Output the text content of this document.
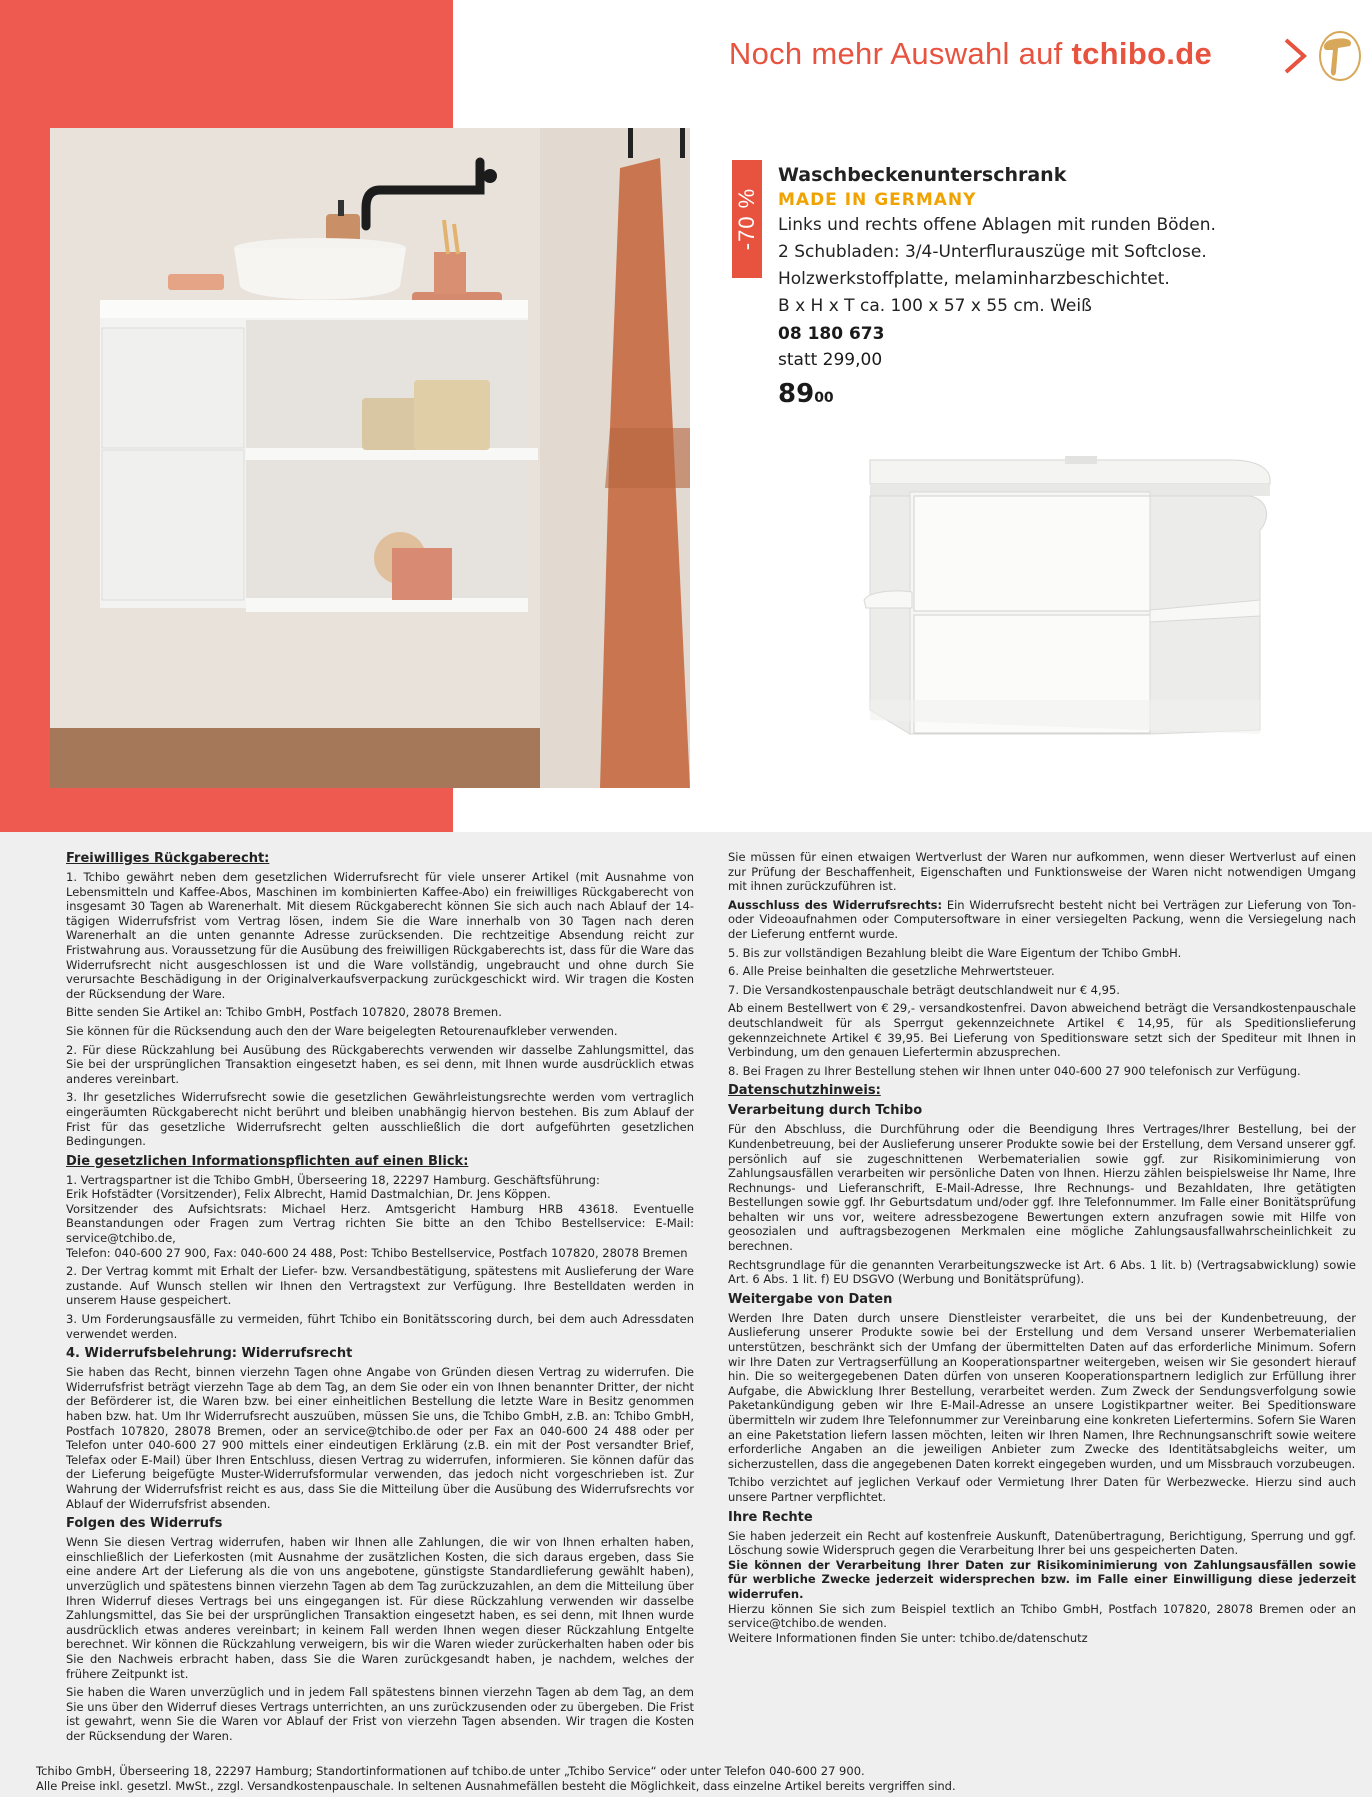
Noch mehr Auswahl auf tchibo.de
-70 %
Waschbeckenunterschrank
MADE IN GERMANY
Links und rechts offene Ablagen mit runden Böden.
2 Schubladen: 3/4-Unterflurauszüge mit Softclose.
Holzwerkstoffplatte, melaminharzbeschichtet.
B x H x T ca. 100 x 57 x 55 cm. Weiß
08 180 673
statt 299,00
$89^{00}$
Freiwilliges Rückgaberecht:

1. Tchibo gewährt neben dem gesetzlichen Widerrufsrecht für viele unserer Artikel (mit Ausnahme von Lebensmitteln und Kaffee-Abos, Maschinen im kombinierten Kaffee-Abo) ein freiwilliges Rückgaberecht von insgesamt 30 Tagen ab Warenerhalt. Mit diesem Rückgaberecht können Sie sich auch nach Ablauf der 14-tägigen Widerrufsfrist vom Vertrag lösen, indem Sie die Ware innerhalb von 30 Tagen nach deren Warenerhalt an die unten genannte Adresse zurücksenden. Die rechtzeitige Absendung reicht zur Fristwahrung aus. Voraussetzung für die Ausübung des freiwilligen Rückgaberechts ist, dass für die Ware das Widerrufsrecht nicht ausgeschlossen ist und die Ware vollständig, ungebraucht und ohne durch Sie verursachte Beschädigung in der Originalverkaufsverpackung zurückgeschickt wird. Wir tragen die Kosten der Rücksendung der Ware.

Bitte senden Sie Artikel an: Tchibo GmbH, Postfach 107820, 28078 Bremen.

Sie können für die Rücksendung auch den der Ware beigelegten Retourenaufkleber verwenden.

2. Für diese Rückzahlung bei Ausübung des Rückgaberechts verwenden wir dasselbe Zahlungsmittel, das Sie bei der ursprünglichen Transaktion eingesetzt haben, es sei denn, mit Ihnen wurde ausdrücklich etwas anderes vereinbart.

3. Ihr gesetzliches Widerrufsrecht sowie die gesetzlichen Gewährleistungsrechte werden vom vertraglich eingeräumten Rückgaberecht nicht berührt und bleiben unabhängig hiervon bestehen. Bis zum Ablauf der Frist für das gesetzliche Widerrufsrecht gelten ausschließlich die dort aufgeführten gesetzlichen Bedingungen.

Die gesetzlichen Informationspflichten auf einen Blick:

1. Vertragspartner ist die Tchibo GmbH, Überseering 18, 22297 Hamburg. Geschäftsführung:

Erik Hofstädter (Vorsitzender), Felix Albrecht, Hamid Dastmalchian, Dr. Jens Köppen.

Vorsitzender des Aufsichtsrats: Michael Herz. Amtsgericht Hamburg HRB 43618. Eventuelle Beanstandungen oder Fragen zum Vertrag richten Sie bitte an den Tchibo Bestellservice: E-Mail: service@tchibo.de,

Telefon: 040-600 27 900, Fax: 040-600 24 488, Post: Tchibo Bestellservice, Postfach 107820, 28078 Bremen

2. Der Vertrag kommt mit Erhalt der Liefer- bzw. Versandbestätigung, spätestens mit Auslieferung der Ware zustande. Auf Wunsch stellen wir Ihnen den Vertragstext zur Verfügung. Ihre Bestelldaten werden in unserem Hause gespeichert.

3. Um Forderungsausfälle zu vermeiden, führt Tchibo ein Bonitätsscoring durch, bei dem auch Adressdaten verwendet werden.

4. Widerrufsbelehrung: Widerrufsrecht

Sie haben das Recht, binnen vierzehn Tagen ohne Angabe von Gründen diesen Vertrag zu widerrufen. Die Widerrufsfrist beträgt vierzehn Tage ab dem Tag, an dem Sie oder ein von Ihnen benannter Dritter, der nicht der Beförderer ist, die Waren bzw. bei einer einheitlichen Bestellung die letzte Ware in Besitz genommen haben bzw. hat. Um Ihr Widerrufsrecht auszuüben, müssen Sie uns, die Tchibo GmbH, z.B. an: Tchibo GmbH, Postfach 107820, 28078 Bremen, oder an service@tchibo.de oder per Fax an 040-600 24 488 oder per Telefon unter 040-600 27 900 mittels einer eindeutigen Erklärung (z.B. ein mit der Post versandter Brief, Telefax oder E-Mail) über Ihren Entschluss, diesen Vertrag zu widerrufen, informieren. Sie können dafür das der Lieferung beigefügte Muster-Widerrufsformular verwenden, das jedoch nicht vorgeschrieben ist. Zur Wahrung der Widerrufsfrist reicht es aus, dass Sie die Mitteilung über die Ausübung des Widerrufsrechts vor Ablauf der Widerrufsfrist absenden.

Folgen des Widerrufs

Wenn Sie diesen Vertrag widerrufen, haben wir Ihnen alle Zahlungen, die wir von Ihnen erhalten haben, einschließlich der Lieferkosten (mit Ausnahme der zusätzlichen Kosten, die sich daraus ergeben, dass Sie eine andere Art der Lieferung als die von uns angebotene, günstigste Standardlieferung gewählt haben), unverzüglich und spätestens binnen vierzehn Tagen ab dem Tag zurückzuzahlen, an dem die Mitteilung über Ihren Widerruf dieses Vertrags bei uns eingegangen ist. Für diese Rückzahlung verwenden wir dasselbe Zahlungsmittel, das Sie bei der ursprünglichen Transaktion eingesetzt haben, es sei denn, mit Ihnen wurde ausdrücklich etwas anderes vereinbart; in keinem Fall werden Ihnen wegen dieser Rückzahlung Entgelte berechnet. Wir können die Rückzahlung verweigern, bis wir die Waren wieder zurückerhalten haben oder bis Sie den Nachweis erbracht haben, dass Sie die Waren zurückgesandt haben, je nachdem, welches der frühere Zeitpunkt ist.

Sie haben die Waren unverzüglich und in jedem Fall spätestens binnen vierzehn Tagen ab dem Tag, an dem Sie uns über den Widerruf dieses Vertrags unterrichten, an uns zurückzusenden oder zu übergeben. Die Frist ist gewahrt, wenn Sie die Waren vor Ablauf der Frist von vierzehn Tagen absenden. Wir tragen die Kosten der Rücksendung der Waren.

Sie müssen für einen etwaigen Wertverlust der Waren nur aufkommen, wenn dieser Wertverlust auf einen zur Prüfung der Beschaffenheit, Eigenschaften und Funktionsweise der Waren nicht notwendigen Umgang mit ihnen zurückzuführen ist.

Ausschluss des Widerrufsrechts: Ein Widerrufsrecht besteht nicht bei Verträgen zur Lieferung von Ton- oder Videoaufnahmen oder Computersoftware in einer versiegelten Packung, wenn die Versiegelung nach der Lieferung entfernt wurde.

5. Bis zur vollständigen Bezahlung bleibt die Ware Eigentum der Tchibo GmbH.

6. Alle Preise beinhalten die gesetzliche Mehrwertsteuer.

7. Die Versandkostenpauschale beträgt deutschlandweit nur € 4,95.

Ab einem Bestellwert von € 29,- versandkostenfrei. Davon abweichend beträgt die Versandkostenpauschale deutschlandweit für als Sperrgut gekennzeichnete Artikel € 14,95, für als Speditionslieferung gekennzeichnete Artikel € 39,95. Bei Lieferung von Speditionsware setzt sich der Spediteur mit Ihnen in Verbindung, um den genauen Liefertermin abzusprechen.

8. Bei Fragen zu Ihrer Bestellung stehen wir Ihnen unter 040-600 27 900 telefonisch zur Verfügung.

Datenschutzhinweis:
Verarbeitung durch Tchibo

Für den Abschluss, die Durchführung oder die Beendigung Ihres Vertrages/Ihrer Bestellung, bei der Kundenbetreuung, bei der Auslieferung unserer Produkte sowie bei der Erstellung, dem Versand unserer ggf. persönlich auf sie zugeschnittenen Werbematerialien sowie ggf. zur Risikominimierung von Zahlungsausfällen verarbeiten wir persönliche Daten von Ihnen. Hierzu zählen beispielsweise Ihr Name, Ihre Rechnungs- und Lieferanschrift, E-Mail-Adresse, Ihre Rechnungs- und Bezahldaten, Ihre getätigten Bestellungen sowie ggf. Ihr Geburtsdatum und/oder ggf. Ihre Telefonnummer. Im Falle einer Bonitätsprüfung behalten wir uns vor, weitere adressbezogene Bewertungen extern anzufragen sowie mit Hilfe von geosozialen und auftragsbezogenen Merkmalen eine mögliche Zahlungsausfallwahrscheinlichkeit zu berechnen.

Rechtsgrundlage für die genannten Verarbeitungszwecke ist Art. 6 Abs. 1 lit. b) (Vertragsabwicklung) sowie Art. 6 Abs. 1 lit. f) EU DSGVO (Werbung und Bonitätsprüfung).

Weitergabe von Daten

Werden Ihre Daten durch unsere Dienstleister verarbeitet, die uns bei der Kundenbetreuung, der Auslieferung unserer Produkte sowie bei der Erstellung und dem Versand unserer Werbematerialien unterstützen, beschränkt sich der Umfang der übermittelten Daten auf das erforderliche Minimum. Sofern wir Ihre Daten zur Vertragserfüllung an Kooperationspartner weitergeben, weisen wir Sie gesondert hierauf hin. Die so weitergegebenen Daten dürfen von unseren Kooperationspartnern lediglich zur Erfüllung ihrer Aufgabe, die Abwicklung Ihrer Bestellung, verarbeitet werden. Zum Zweck der Sendungsverfolgung sowie Paketankündigung geben wir Ihre E-Mail-Adresse an unsere Logistikpartner weiter. Bei Speditionsware übermitteln wir zudem Ihre Telefonnummer zur Vereinbarung eine konkreten Liefertermins. Sofern Sie Waren an eine Paketstation liefern lassen möchten, leiten wir Ihren Namen, Ihre Rechnungsanschrift sowie weitere erforderliche Angaben an die jeweiligen Anbieter zum Zwecke des Identitätsabgleichs weiter, um sicherzustellen, dass die angegebenen Daten korrekt eingegeben wurden, und um Missbrauch vorzubeugen.

Tchibo verzichtet auf jeglichen Verkauf oder Vermietung Ihrer Daten für Werbezwecke. Hierzu sind auch unsere Partner verpflichtet.

Ihre Rechte

Sie haben jederzeit ein Recht auf kostenfreie Auskunft, Datenübertragung, Berichtigung, Sperrung und ggf. Löschung sowie Widerspruch gegen die Verarbeitung Ihrer bei uns gespeicherten Daten.

Sie können der Verarbeitung Ihrer Daten zur Risikominimierung von Zahlungsausfällen sowie für werbliche Zwecke jederzeit widersprechen bzw. im Falle einer Einwilligung diese jederzeit widerrufen.

Hierzu können Sie sich zum Beispiel textlich an Tchibo GmbH, Postfach 107820, 28078 Bremen oder an service@tchibo.de wenden.

Weitere Informationen finden Sie unter: tchibo.de/datenschutz

Tchibo GmbH, Überseering 18, 22297 Hamburg; Standortinformationen auf tchibo.de unter „Tchibo Service“ oder unter Telefon 040-600 27 900.
Alle Preise inkl. gesetzl. MwSt., zzgl. Versandkostenpauschale. In seltenen Ausnahmefällen besteht die Möglichkeit, dass einzelne Artikel bereits vergriffen sind.
